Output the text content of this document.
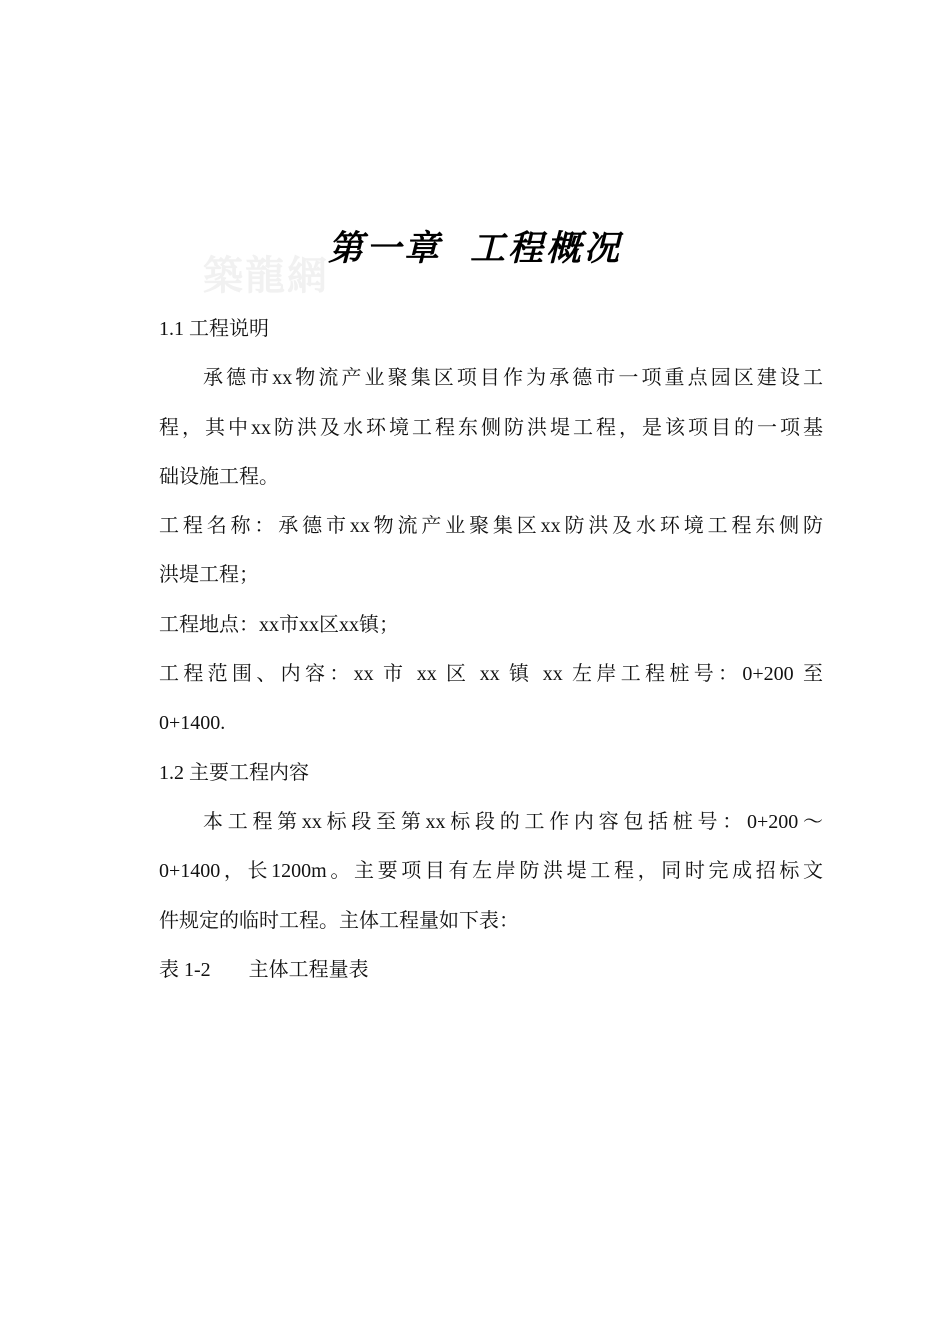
築龍網
第一章 工程概况
1.1 工程说明
承德市xx物流产业聚集区项目作为承德市一项重点园区建设工
程，其中xx防洪及水环境工程东侧防洪堤工程，是该项目的一项基
础设施工程。
工程名称：承德市xx物流产业聚集区xx防洪及水环境工程东侧防
洪堤工程；
工程地点：xx市xx区xx镇；
工程范围、内容：xx 市 xx 区 xx 镇 xx 左岸工程桩号：0+200 至
0+1400.
1.2 主要工程内容
本工程第xx标段至第xx标段的工作内容包括桩号：0+200～
0+1400，长1200m。主要项目有左岸防洪堤工程，同时完成招标文
件规定的临时工程。主体工程量如下表：
表 1-2 主体工程量表
